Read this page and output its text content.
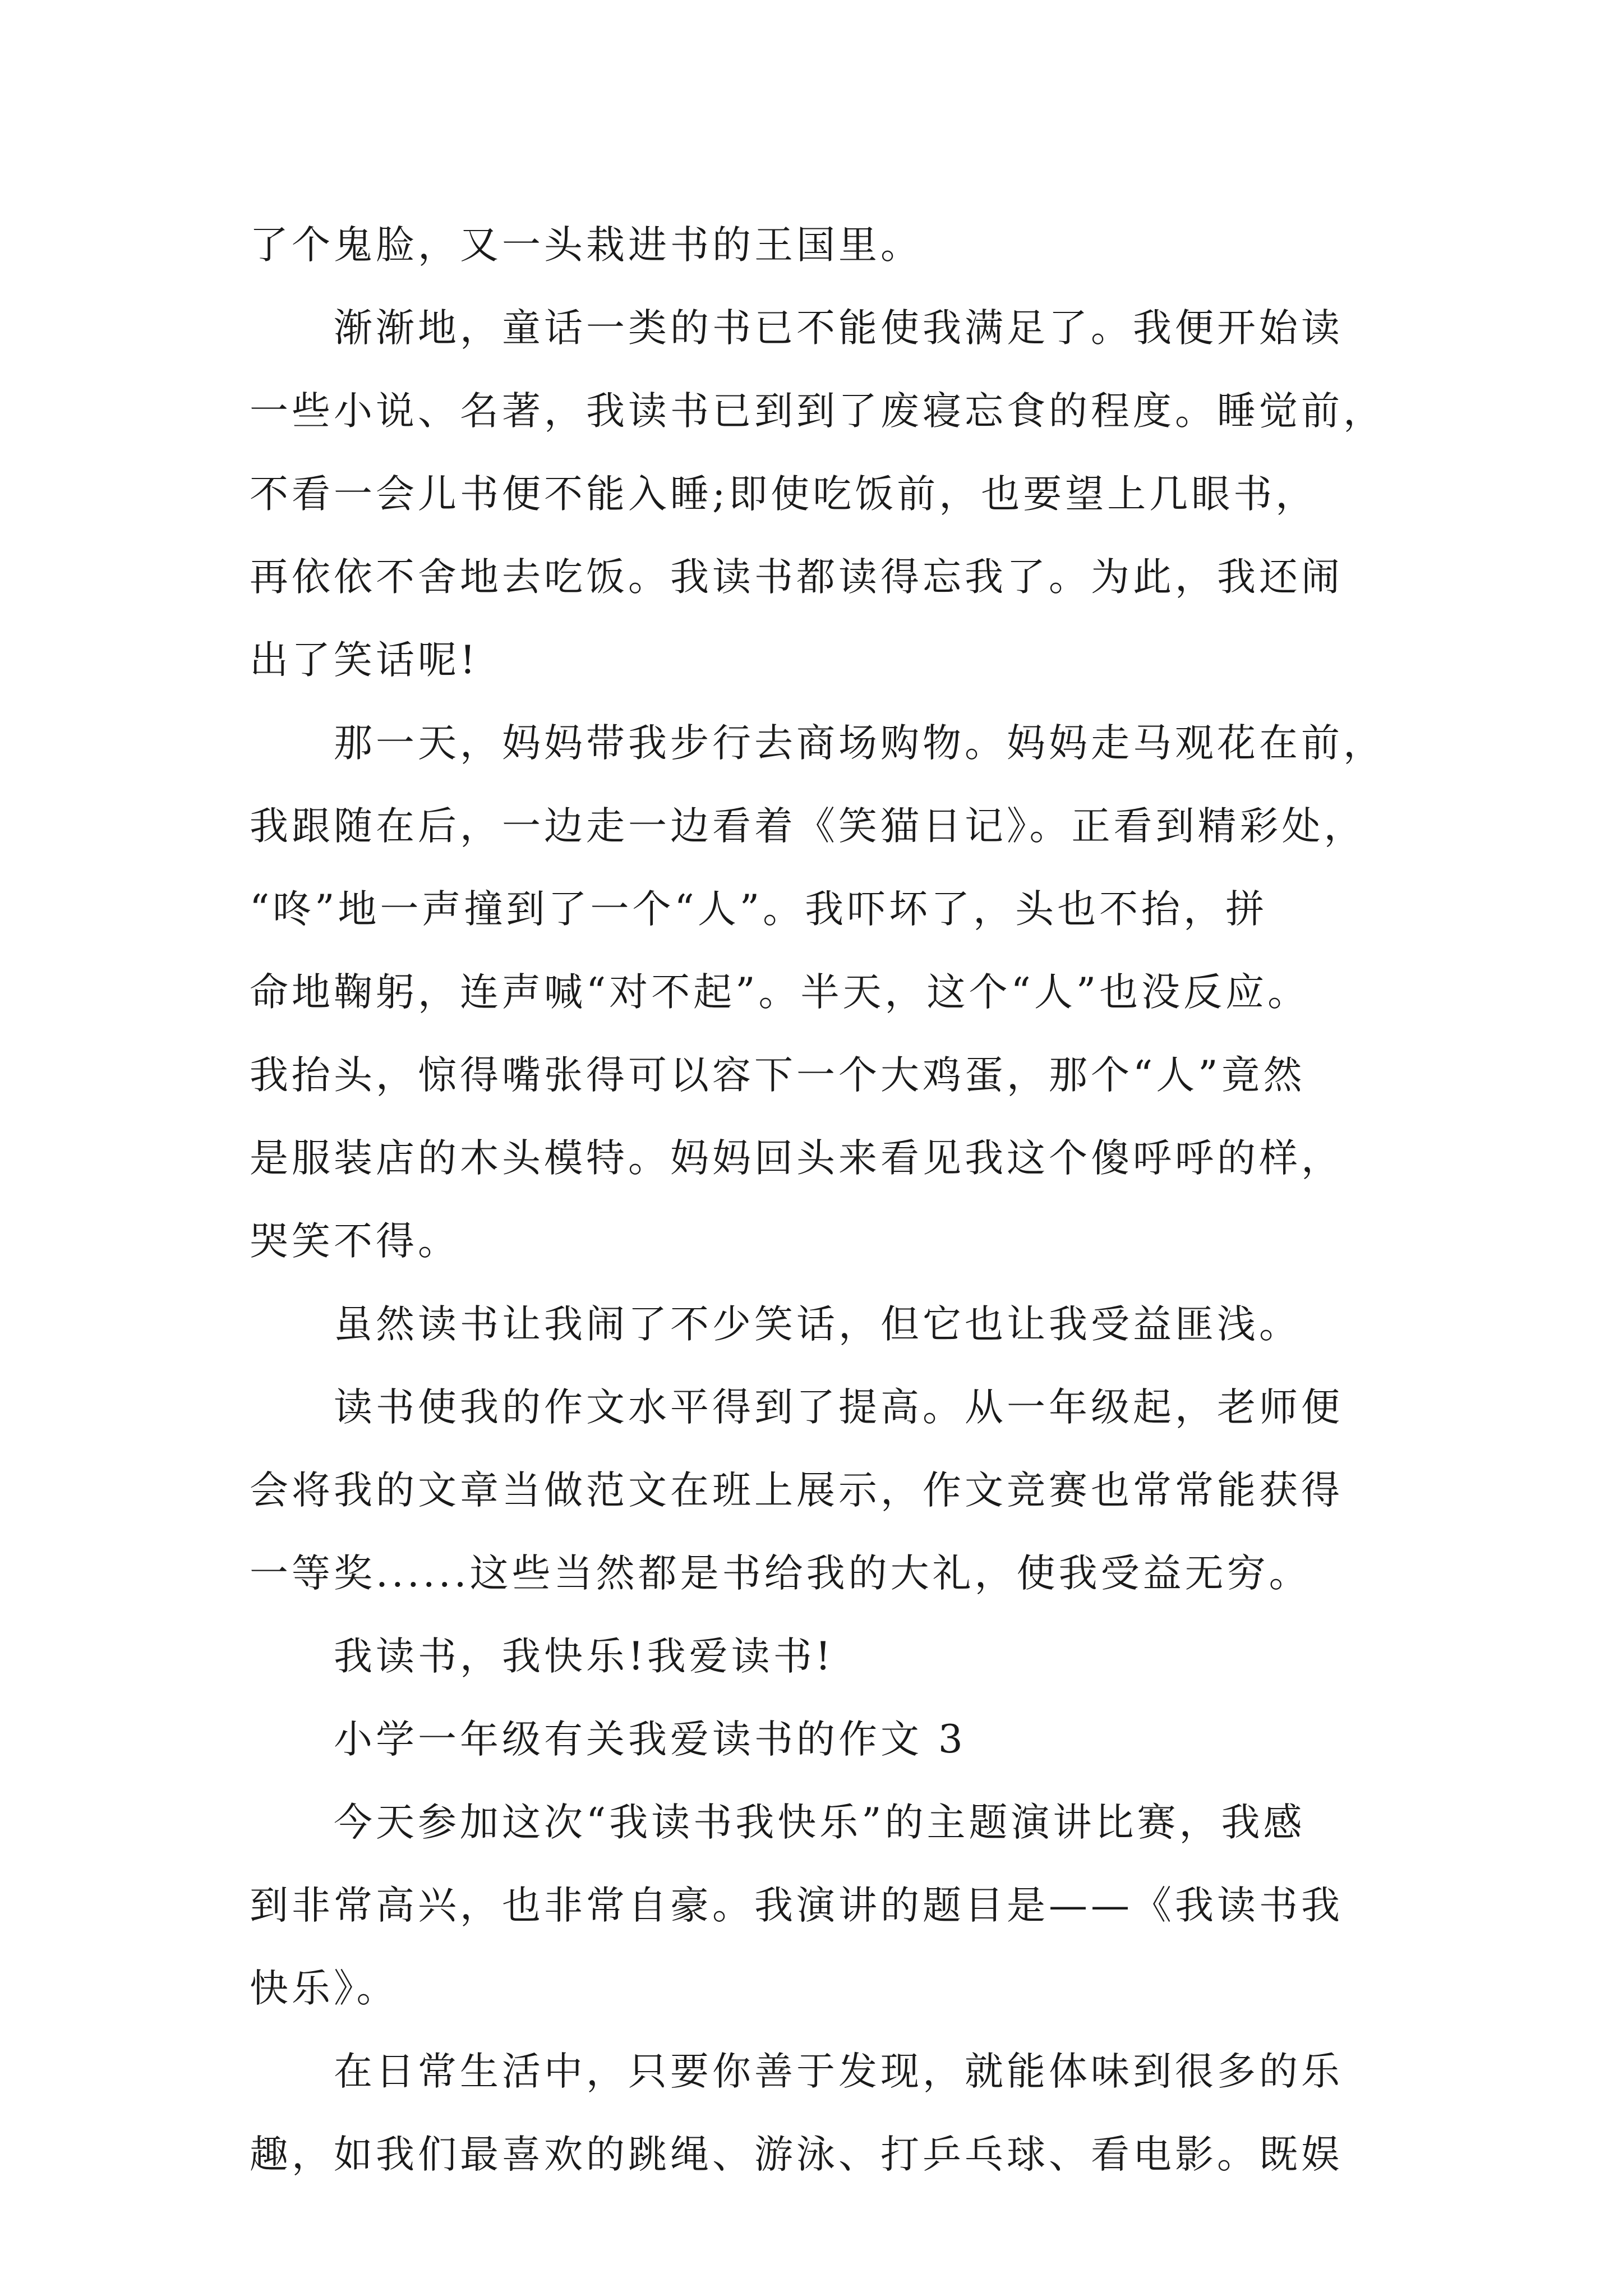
了个鬼脸，又一头栽进书的王国里。
渐渐地，童话一类的书已不能使我满足了。我便开始读
一些小说、名著，我读书已到到了废寝忘食的程度。睡觉前，
不看一会儿书便不能入睡;即使吃饭前，也要望上几眼书，
再依依不舍地去吃饭。我读书都读得忘我了。为此，我还闹
出了笑话呢!
那一天，妈妈带我步行去商场购物。妈妈走马观花在前，
我跟随在后，一边走一边看着《笑猫日记》。正看到精彩处，
“咚”地一声撞到了一个“人”。我吓坏了，头也不抬，拼
命地鞠躬，连声喊“对不起”。半天，这个“人”也没反应。
我抬头，惊得嘴张得可以容下一个大鸡蛋，那个“人”竟然
是服装店的木头模特。妈妈回头来看见我这个傻呼呼的样，
哭笑不得。
虽然读书让我闹了不少笑话，但它也让我受益匪浅。
读书使我的作文水平得到了提高。从一年级起，老师便
会将我的文章当做范文在班上展示，作文竞赛也常常能获得
一等奖......这些当然都是书给我的大礼，使我受益无穷。
我读书，我快乐!我爱读书!
小学一年级有关我爱读书的作文 3
今天参加这次“我读书我快乐”的主题演讲比赛，我感
到非常高兴，也非常自豪。我演讲的题目是——《我读书我
快乐》。
在日常生活中，只要你善于发现，就能体味到很多的乐
趣，如我们最喜欢的跳绳、游泳、打乒乓球、看电影。既娱
